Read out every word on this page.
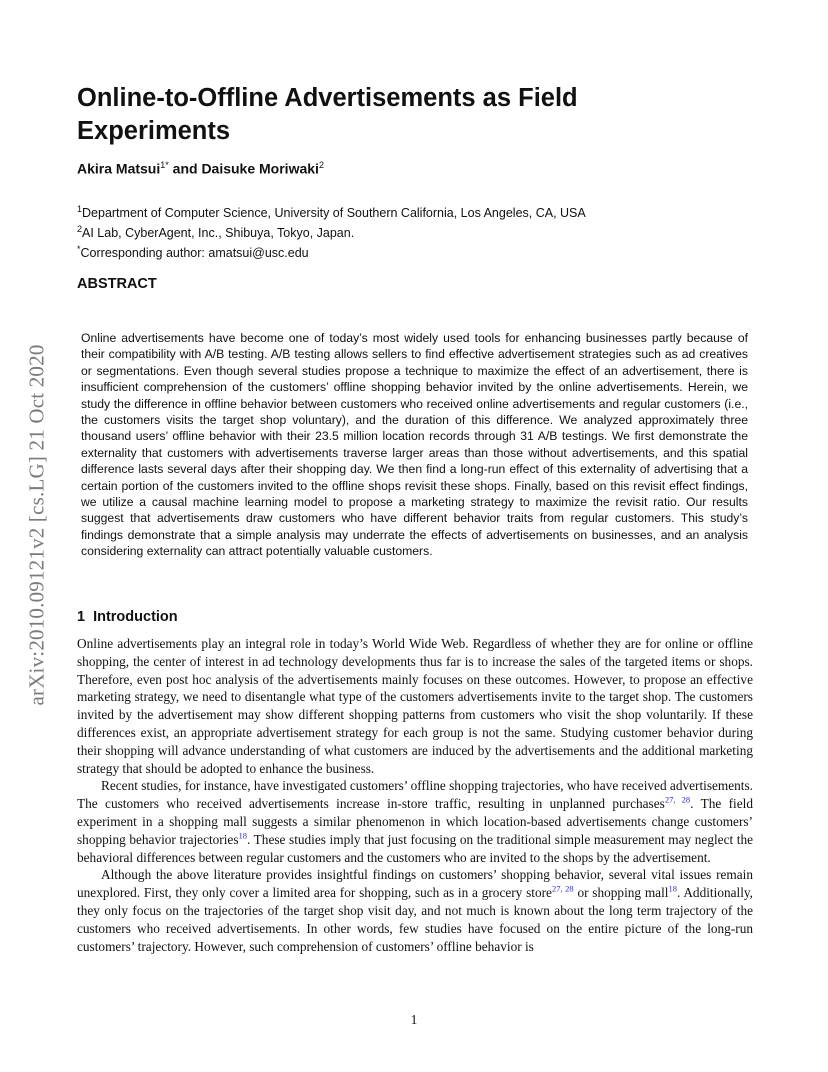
arXiv:2010.09121v2 [cs.LG] 21 Oct 2020
Online-to-Offline Advertisements as Field Experiments
Akira Matsui$^{1*}$ and Daisuke Moriwaki$^2$
$^1$Department of Computer Science, University of Southern California, Los Angeles, CA, USA
$^2$AI Lab, CyberAgent, Inc., Shibuya, Tokyo, Japan.
*Corresponding author: amatsui@usc.edu
ABSTRACT

Online advertisements have become one of today’s most widely used tools for enhancing businesses partly because of their compatibility with A/B testing. A/B testing allows sellers to find effective advertisement strategies such as ad creatives or segmentations. Even though several studies propose a technique to maximize the effect of an advertisement, there is insufficient comprehension of the customers’ offline shopping behavior invited by the online advertisements. Herein, we study the difference in offline behavior between customers who received online advertisements and regular customers (i.e., the customers visits the target shop voluntary), and the duration of this difference. We analyzed approximately three thousand users’ offline behavior with their 23.5 million location records through 31 A/B testings. We first demonstrate the externality that customers with advertisements traverse larger areas than those without advertisements, and this spatial difference lasts several days after their shopping day. We then find a long-run effect of this externality of advertising that a certain portion of the customers invited to the offline shops revisit these shops. Finally, based on this revisit effect findings, we utilize a causal machine learning model to propose a marketing strategy to maximize the revisit ratio. Our results suggest that advertisements draw customers who have different behavior traits from regular customers. This study’s findings demonstrate that a simple analysis may underrate the effects of advertisements on businesses, and an analysis considering externality can attract potentially valuable customers.

1 Introduction

Online advertisements play an integral role in today’s World Wide Web. Regardless of whether they are for online or offline shopping, the center of interest in ad technology developments thus far is to increase the sales of the targeted items or shops. Therefore, even post hoc analysis of the advertisements mainly focuses on these outcomes. However, to propose an effective marketing strategy, we need to disentangle what type of the customers advertisements invite to the target shop. The customers invited by the advertisement may show different shopping patterns from customers who visit the shop voluntarily. If these differences exist, an appropriate advertisement strategy for each group is not the same. Studying customer behavior during their shopping will advance understanding of what customers are induced by the advertisements and the additional marketing strategy that should be adopted to enhance the business.

Recent studies, for instance, have investigated customers’ offline shopping trajectories, who have received advertisements. The customers who received advertisements increase in-store traffic, resulting in unplanned purchases$^{27, 28}$. The field experiment in a shopping mall suggests a similar phenomenon in which location-based advertisements change customers’ shopping behavior trajectories$^{18}$. These studies imply that just focusing on the traditional simple measurement may neglect the behavioral differences between regular customers and the customers who are invited to the shops by the advertisement.

Although the above literature provides insightful findings on customers’ shopping behavior, several vital issues remain unexplored. First, they only cover a limited area for shopping, such as in a grocery store$^{27, 28}$ or shopping mall$^{18}$. Additionally, they only focus on the trajectories of the target shop visit day, and not much is known about the long term trajectory of the customers who received advertisements. In other words, few studies have focused on the entire picture of the long-run customers’ trajectory. However, such comprehension of customers’ offline behavior is

1
